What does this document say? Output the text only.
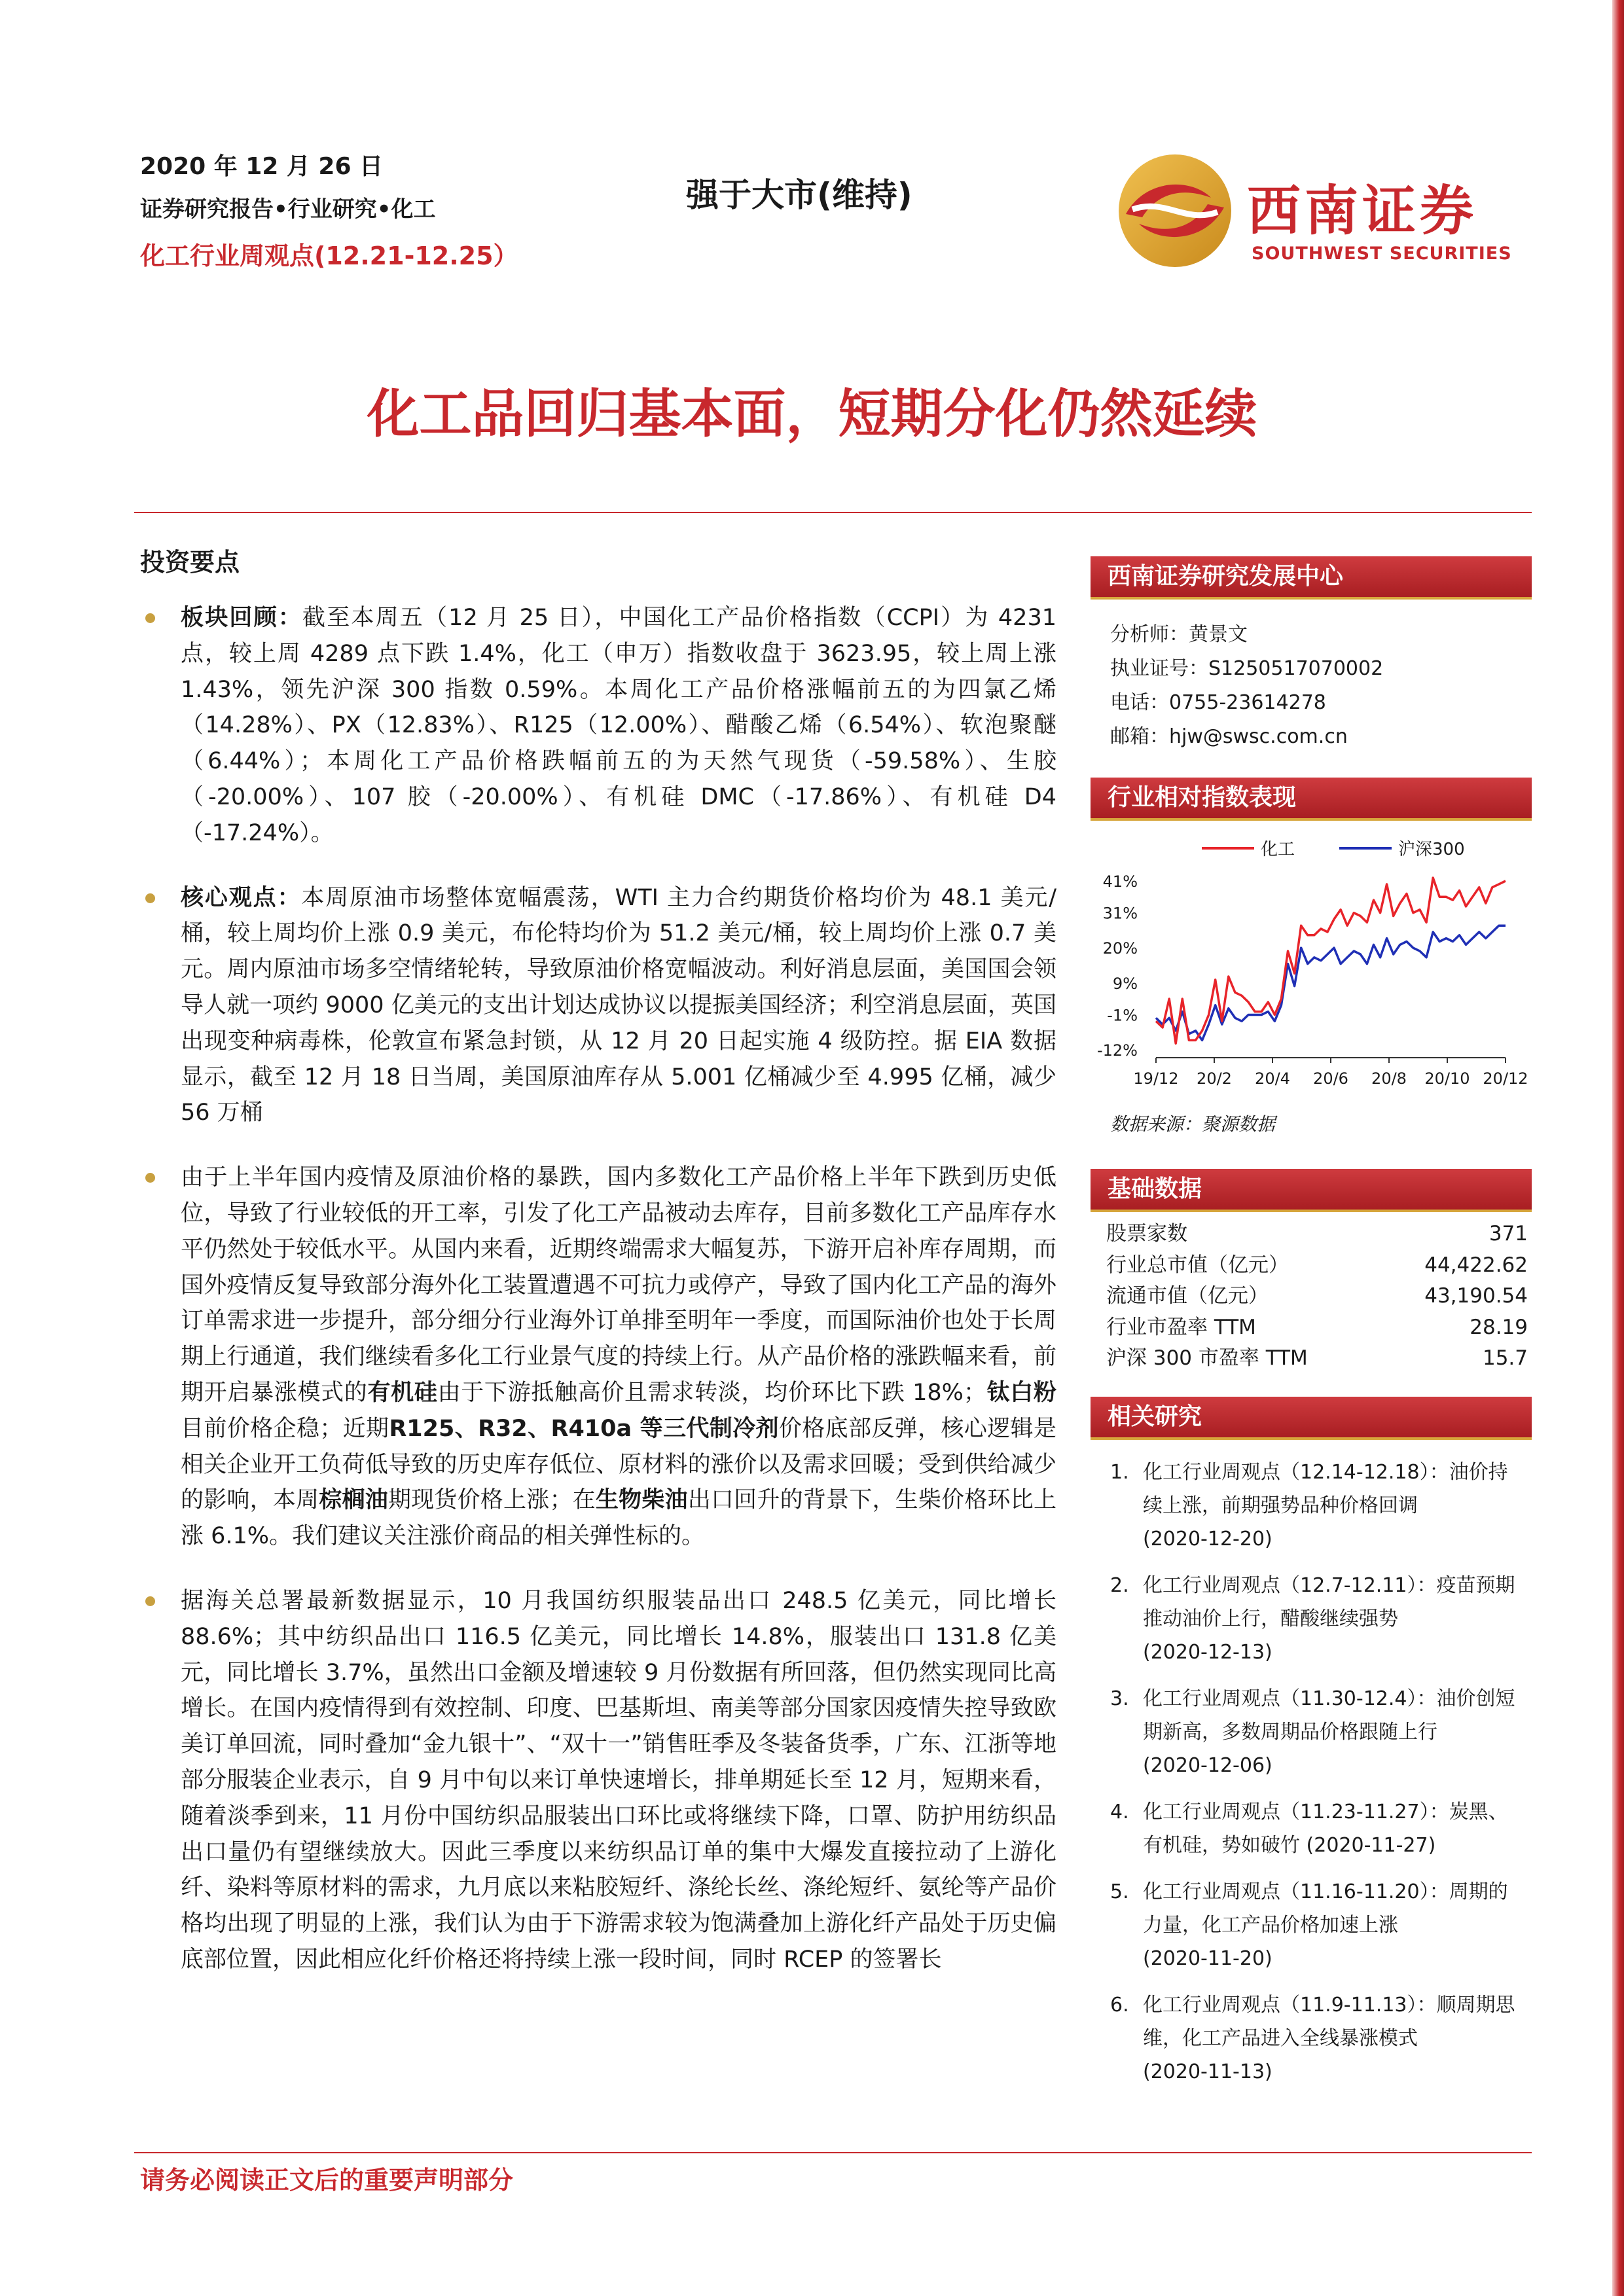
2020 年 12 月 26 日
证券研究报告•行业研究•化工
化工行业周观点(12.21-12.25）
强于大市(维持)	西南证券
SOUTHWEST SECURITIES
化工品回归基本面，短期分化仍然延续
投资要点
板块回顾：截至本周五（12 月 25 日），中国化工产品价格指数（CCPI）为 4231 点，较上周 4289 点下跌 1.4%，化工（申万）指数收盘于 3623.95，较上周上涨 1.43%，领先沪深 300 指数 0.59%。本周化工产品价格涨幅前五的为四氯乙烯（14.28%）、PX（12.83%）、R125（12.00%）、醋酸乙烯（6.54%）、软泡聚醚（6.44%）；本周化工产品价格跌幅前五的为天然气现货（-59.58%）、生胶（-20.00%）、107 胶（-20.00%）、有机硅 DMC（-17.86%）、有机硅 D4（-17.24%）。
核心观点：本周原油市场整体宽幅震荡，WTI 主力合约期货价格均价为 48.1 美元/桶，较上周均价上涨 0.9 美元，布伦特均价为 51.2 美元/桶，较上周均价上涨 0.7 美元。周内原油市场多空情绪轮转，导致原油价格宽幅波动。利好消息层面，美国国会领导人就一项约 9000 亿美元的支出计划达成协议以提振美国经济；利空消息层面，英国出现变种病毒株，伦敦宣布紧急封锁，从 12 月 20 日起实施 4 级防控。据 EIA 数据显示，截至 12 月 18 日当周，美国原油库存从 5.001 亿桶减少至 4.995 亿桶，减少 56 万桶
由于上半年国内疫情及原油价格的暴跌，国内多数化工产品价格上半年下跌到历史低位，导致了行业较低的开工率，引发了化工产品被动去库存，目前多数化工产品库存水平仍然处于较低水平。从国内来看，近期终端需求大幅复苏，下游开启补库存周期，而国外疫情反复导致部分海外化工装置遭遇不可抗力或停产，导致了国内化工产品的海外订单需求进一步提升，部分细分行业海外订单排至明年一季度，而国际油价也处于长周期上行通道，我们继续看多化工行业景气度的持续上行。从产品价格的涨跌幅来看，前期开启暴涨模式的有机硅由于下游抵触高价且需求转淡，均价环比下跌 18%；钛白粉目前价格企稳；近期R125、R32、R410a 等三代制冷剂价格底部反弹，核心逻辑是相关企业开工负荷低导致的历史库存低位、原材料的涨价以及需求回暖；受到供给减少的影响，本周棕榈油期现货价格上涨；在生物柴油出口回升的背景下，生柴价格环比上涨 6.1%。我们建议关注涨价商品的相关弹性标的。
据海关总署最新数据显示，10 月我国纺织服装品出口 248.5 亿美元，同比增长 88.6%；其中纺织品出口 116.5 亿美元，同比增长 14.8%，服装出口 131.8 亿美元，同比增长 3.7%，虽然出口金额及增速较 9 月份数据有所回落，但仍然实现同比高增长。在国内疫情得到有效控制、印度、巴基斯坦、南美等部分国家因疫情失控导致欧美订单回流，同时叠加“金九银十”、“双十一”销售旺季及冬装备货季，广东、江浙等地部分服装企业表示，自 9 月中旬以来订单快速增长，排单期延长至 12 月，短期来看，随着淡季到来，11 月份中国纺织品服装出口环比或将继续下降，口罩、防护用纺织品出口量仍有望继续放大。因此三季度以来纺织品订单的集中大爆发直接拉动了上游化纤、染料等原材料的需求，九月底以来粘胶短纤、涤纶长丝、涤纶短纤、氨纶等产品价格均出现了明显的上涨，我们认为由于下游需求较为饱满叠加上游化纤产品处于历史偏底部位置，因此相应化纤价格还将持续上涨一段时间，同时 RCEP 的签署长
西南证券研究发展中心
分析师：黄景文
执业证号：S1250517070002
电话：0755-23614278
邮箱：hjw@swsc.com.cn
行业相对指数表现
化工	沪深300
41%
31%
20%
9%
-1%
-12%
19/12 20/2 20/4 20/6 20/8 20/10 20/12
数据来源：聚源数据
基础数据
股票家数	371
行业总市值（亿元）	44,422.62
流通市值（亿元）	43,190.54
行业市盈率 TTM	28.19
沪深 300 市盈率 TTM	15.7
相关研究
1. 化工行业周观点（12.14-12.18）：油价持续上涨，前期强势品种价格回调
(2020-12-20)
2. 化工行业周观点（12.7-12.11）：疫苗预期推动油价上行，醋酸继续强势
(2020-12-13)
3. 化工行业周观点（11.30-12.4）：油价创短期新高，多数周期品价格跟随上行
(2020-12-06)
4. 化工行业周观点（11.23-11.27）：炭黑、有机硅，势如破竹 (2020-11-27)
5. 化工行业周观点（11.16-11.20）：周期的力量，化工产品价格加速上涨
(2020-11-20)
6. 化工行业周观点（11.9-11.13）：顺周期思维，化工产品进入全线暴涨模式
(2020-11-13)
请务必阅读正文后的重要声明部分
